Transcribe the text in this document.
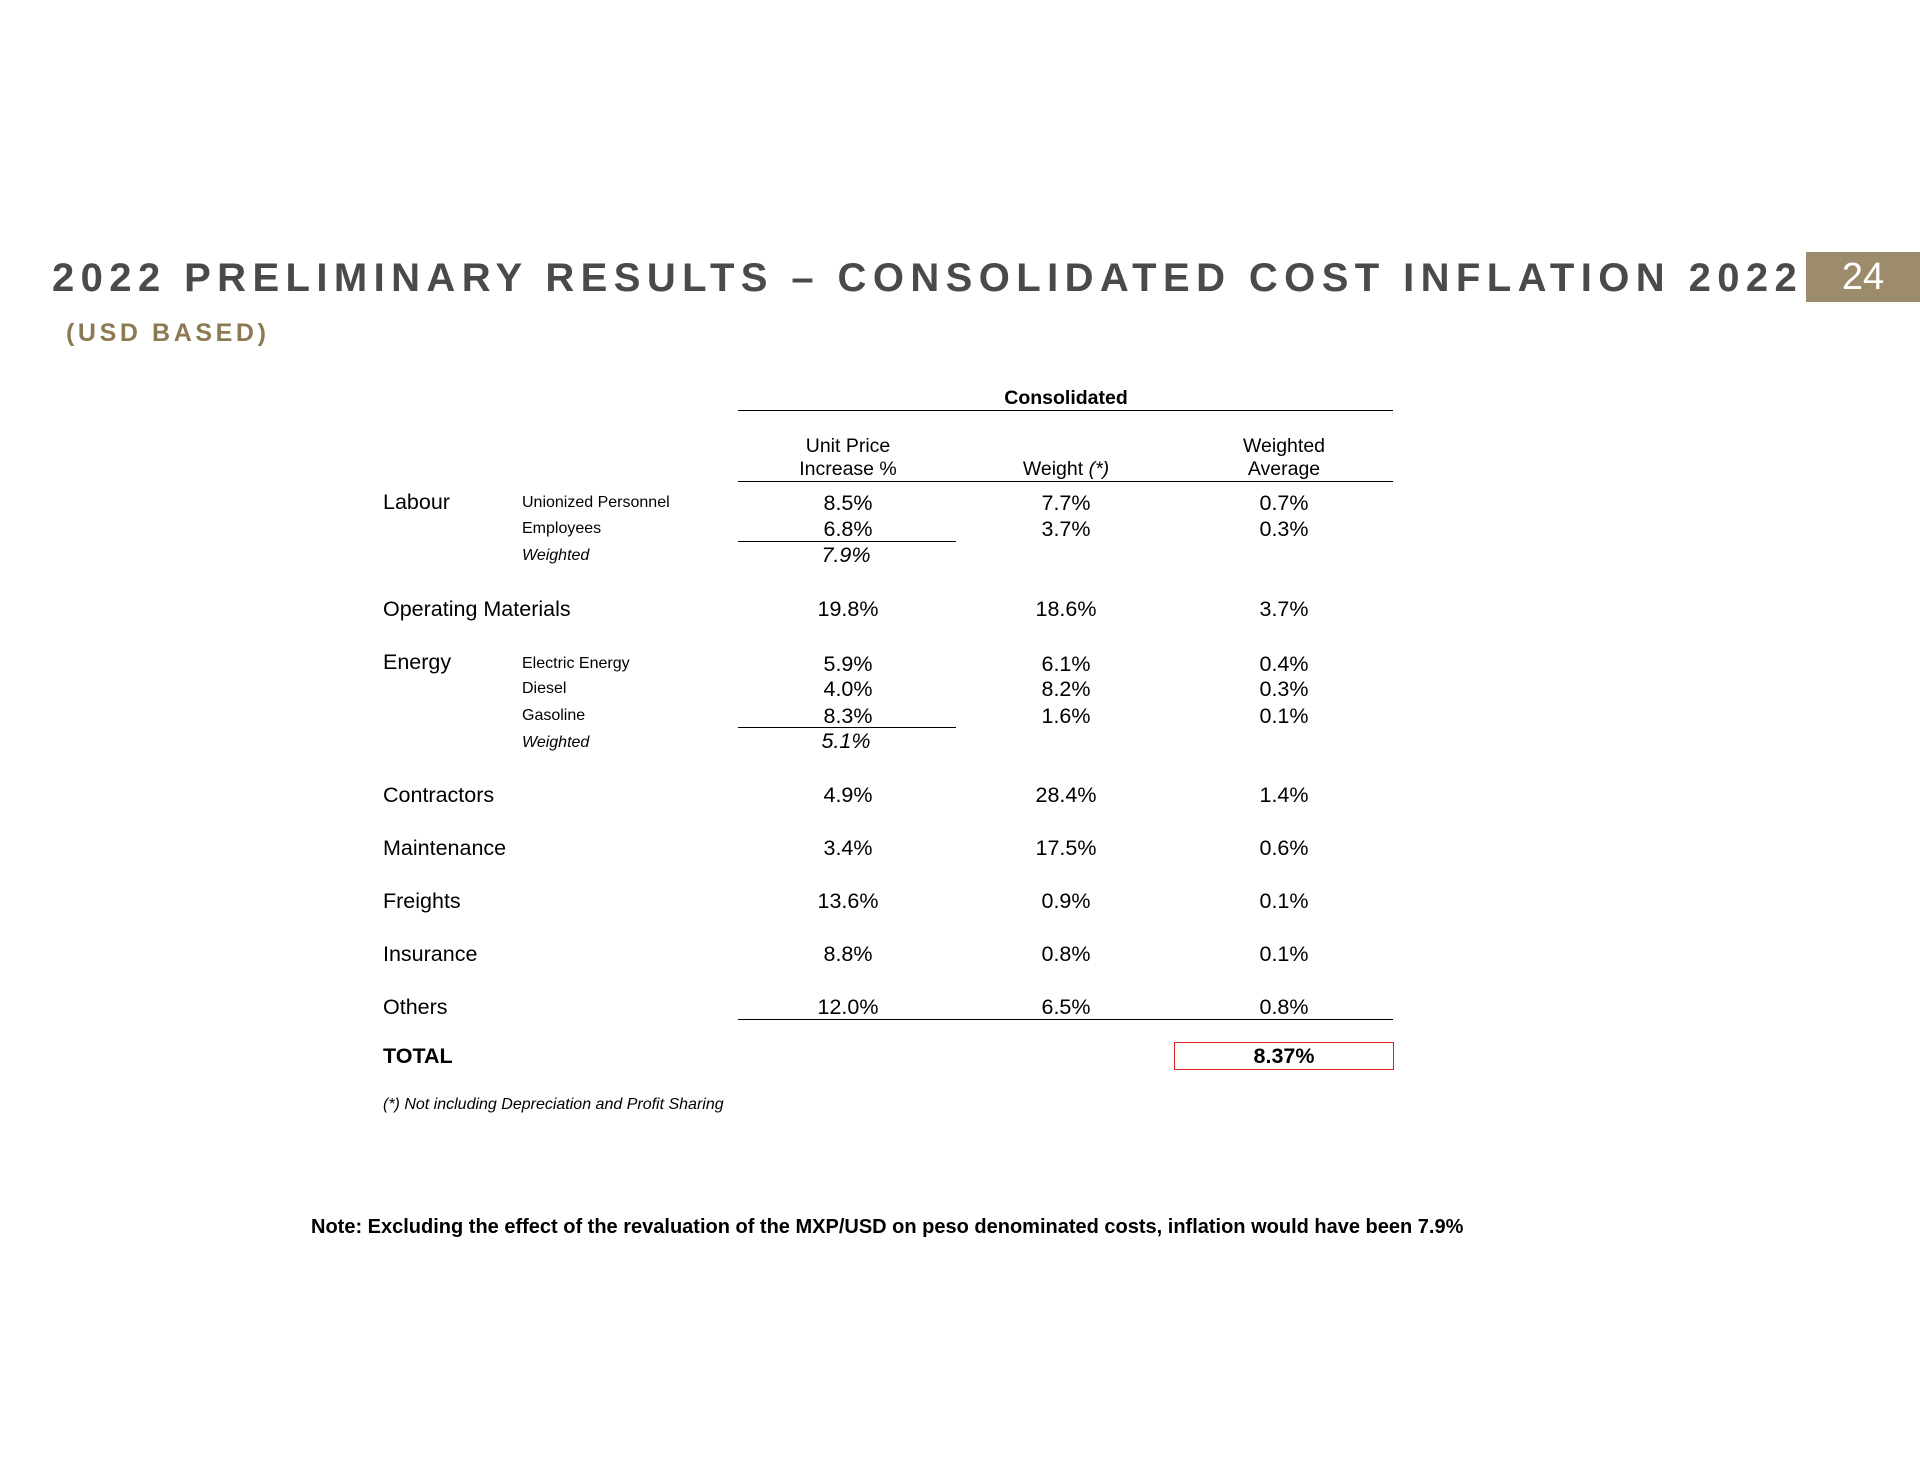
2022 PRELIMINARY RESULTS – CONSOLIDATED COST INFLATION 2022
(USD BASED)
24
Consolidated
Unit Price
Increase %	Weight (*)
Weighted
Average
Labour	Unionized Personnel	8.5%	7.7%	0.7%
Employees	6.8%	3.7%	0.3%
Weighted	7.9%
Operating Materials	19.8%	18.6%	3.7%
Energy	Electric Energy	5.9%	6.1%	0.4%
Diesel	4.0%	8.2%	0.3%
Gasoline	8.3%	1.6%	0.1%
Weighted	5.1%
Contractors	4.9%	28.4%	1.4%
Maintenance	3.4%	17.5%	0.6%
Freights	13.6%	0.9%	0.1%
Insurance	8.8%	0.8%	0.1%
Others	12.0%	6.5%	0.8%
TOTAL	8.37%
(*) Not including Depreciation and Profit Sharing
Note: Excluding the effect of the revaluation of the MXP/USD on peso denominated costs, inflation would have been 7.9%
